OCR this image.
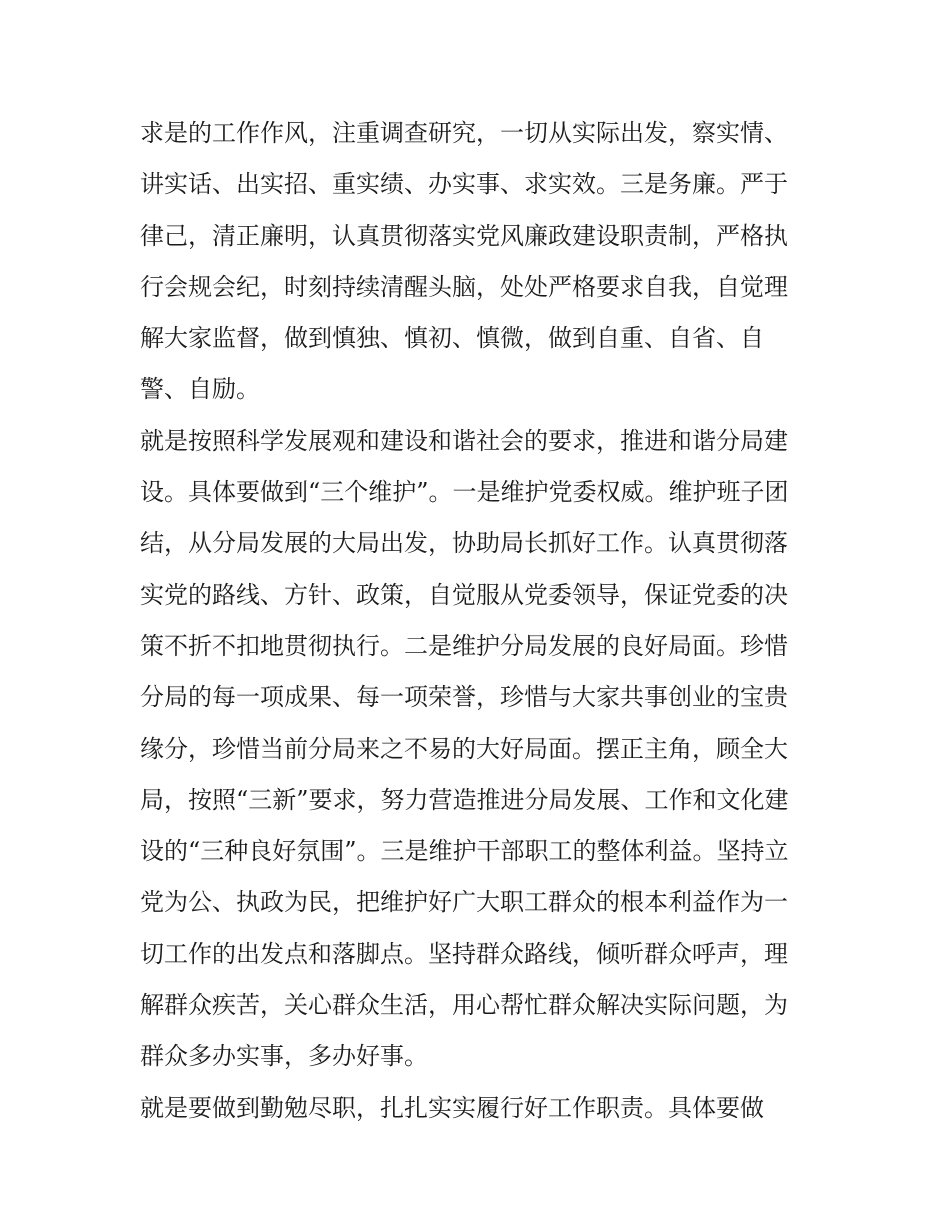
求是的工作作风，注重调查研究，一切从实际出发，察实情、
讲实话、出实招、重实绩、办实事、求实效。三是务廉。严于
律己，清正廉明，认真贯彻落实党风廉政建设职责制，严格执
行会规会纪，时刻持续清醒头脑，处处严格要求自我，自觉理
解大家监督，做到慎独、慎初、慎微，做到自重、自省、自
警、自励。
就是按照科学发展观和建设和谐社会的要求，推进和谐分局建
设。具体要做到“三个维护”。一是维护党委权威。维护班子团
结，从分局发展的大局出发，协助局长抓好工作。认真贯彻落
实党的路线、方针、政策，自觉服从党委领导，保证党委的决
策不折不扣地贯彻执行。二是维护分局发展的良好局面。珍惜
分局的每一项成果、每一项荣誉，珍惜与大家共事创业的宝贵
缘分，珍惜当前分局来之不易的大好局面。摆正主角，顾全大
局，按照“三新”要求，努力营造推进分局发展、工作和文化建
设的“三种良好氛围”。三是维护干部职工的整体利益。坚持立
党为公、执政为民，把维护好广大职工群众的根本利益作为一
切工作的出发点和落脚点。坚持群众路线，倾听群众呼声，理
解群众疾苦，关心群众生活，用心帮忙群众解决实际问题，为
群众多办实事，多办好事。
就是要做到勤勉尽职，扎扎实实履行好工作职责。具体要做
